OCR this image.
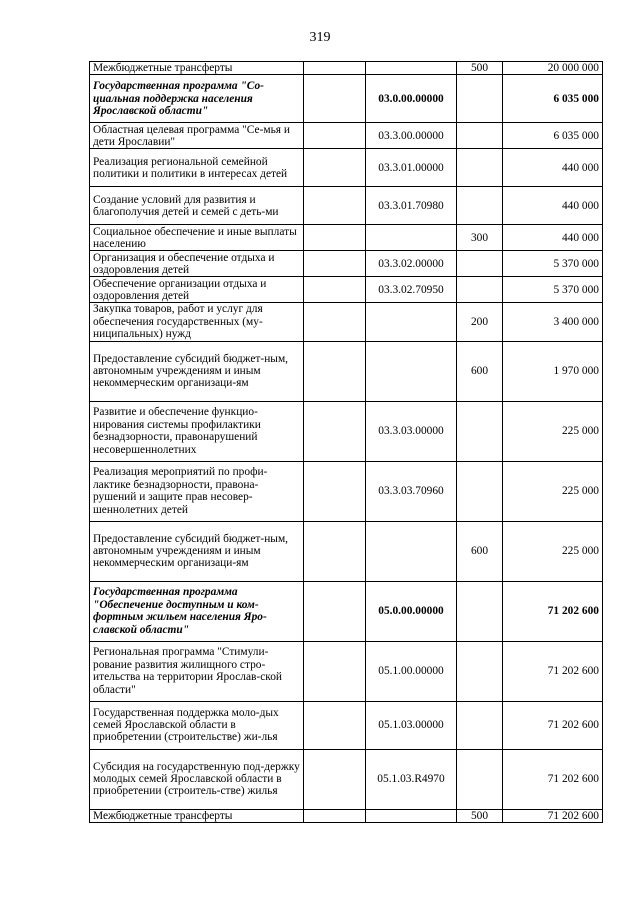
319
Межбюджетные трансферты			500	20 000 000
Государственная программа "Со-циальная поддержка населения Ярославской области"		03.0.00.00000		6 035 000
Областная целевая программа "Се-мья и дети Ярославии"		03.3.00.00000		6 035 000
Реализация региональной семейной политики и политики в интересах детей		03.3.01.00000		440 000
Создание условий для развития и благополучия детей и семей с деть-ми		03.3.01.70980		440 000
Социальное обеспечение и иные выплаты населению			300	440 000
Организация и обеспечение отдыха и оздоровления детей		03.3.02.00000		5 370 000
Обеспечение организации отдыха и оздоровления детей		03.3.02.70950		5 370 000
Закупка товаров, работ и услуг для обеспечения государственных (му-ниципальных) нужд			200	3 400 000
Предоставление субсидий бюджет-ным, автономным учреждениям и иным некоммерческим организаци-ям			600	1 970 000
Развитие и обеспечение функцио-нирования системы профилактики безнадзорности, правонарушений несовершеннолетних		03.3.03.00000		225 000
Реализация мероприятий по профи-лактике безнадзорности, правона-рушений и защите прав несовер-шеннолетних детей		03.3.03.70960		225 000
Предоставление субсидий бюджет-ным, автономным учреждениям и иным некоммерческим организаци-ям			600	225 000
Государственная программа "Обеспечение доступным и ком-фортным жильем населения Яро-славской области"		05.0.00.00000		71 202 600
Региональная программа "Стимули-рование развития жилищного стро-ительства на территории Ярослав-ской области"		05.1.00.00000		71 202 600
Государственная поддержка моло-дых семей Ярославской области в приобретении (строительстве) жи-лья		05.1.03.00000		71 202 600
Субсидия на государственную под-держку молодых семей Ярославской области в приобретении (строитель-стве) жилья		05.1.03.R4970		71 202 600
Межбюджетные трансферты			500	71 202 600
